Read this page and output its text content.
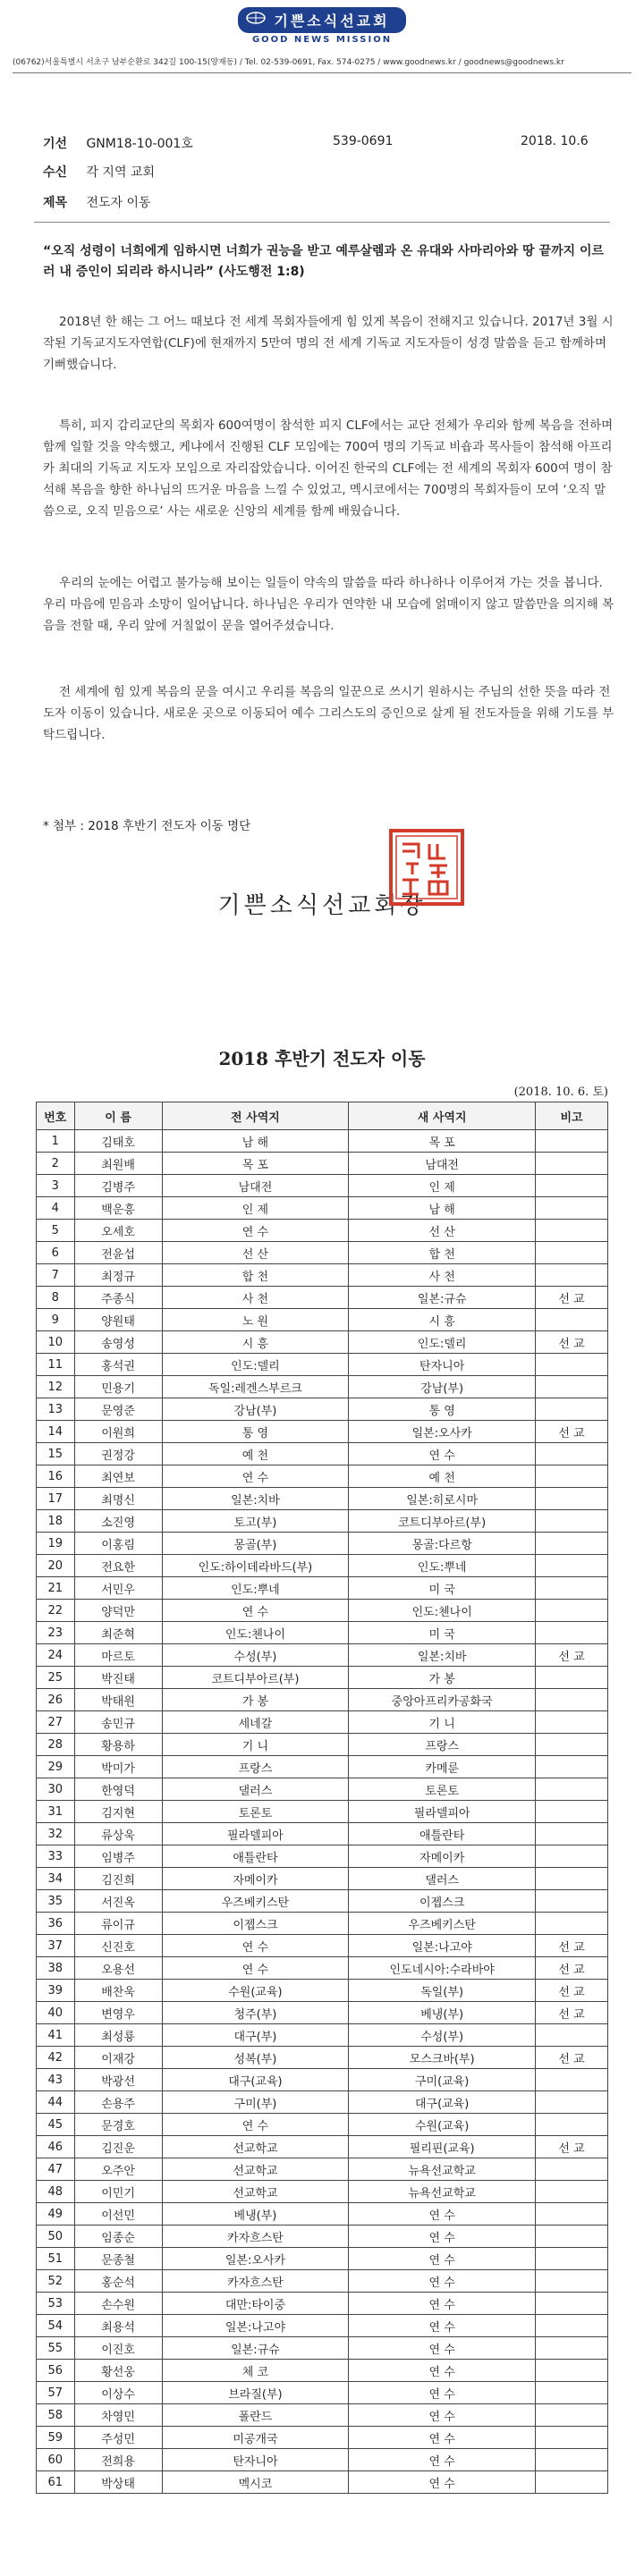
기쁜소식선교회
GOOD NEWS MISSION
(06762)서울특별시 서초구 남부순환로 342길 100-15(양재동) / Tel. 02-539-0691, Fax. 574-0275 / www.goodnews.kr / goodnews@goodnews.kr
기선 GNM18-10-001호	539-0691	2018. 10.6
수신 각 지역 교회
제목 전도자 이동
“오직 성령이 너희에게 임하시면 너희가 권능을 받고 예루살렘과 온 유대와 사마리아와 땅 끝까지 이르러 내 증인이 되리라 하시니라” (사도행전 1:8)
2018년 한 해는 그 어느 때보다 전 세계 목회자들에게 힘 있게 복음이 전해지고 있습니다. 2017년 3월 시작된 기독교지도자연합(CLF)에 현재까지 5만여 명의 전 세계 기독교 지도자들이 성경 말씀을 듣고 함께하며 기뻐했습니다.
특히, 피지 감리교단의 목회자 600여명이 참석한 피지 CLF에서는 교단 전체가 우리와 함께 복음을 전하며 함께 일할 것을 약속했고, 케냐에서 진행된 CLF 모임에는 700여 명의 기독교 비숍과 목사들이 참석해 아프리카 최대의 기독교 지도자 모임으로 자리잡았습니다. 이어진 한국의 CLF에는 전 세계의 목회자 600여 명이 참석해 복음을 향한 하나님의 뜨거운 마음을 느낄 수 있었고, 멕시코에서는 700명의 목회자들이 모여 ‘오직 말씀으로, 오직 믿음으로’ 사는 새로운 신앙의 세계를 함께 배웠습니다.
우리의 눈에는 어렵고 불가능해 보이는 일들이 약속의 말씀을 따라 하나하나 이루어져 가는 것을 봅니다. 우리 마음에 믿음과 소망이 일어납니다. 하나님은 우리가 연약한 내 모습에 얽매이지 않고 말씀만을 의지해 복음을 전할 때, 우리 앞에 거칠없이 문을 열어주셨습니다.
전 세계에 힘 있게 복음의 문을 여시고 우리를 복음의 일꾼으로 쓰시기 원하시는 주님의 선한 뜻을 따라 전도자 이동이 있습니다. 새로운 곳으로 이동되어 예수 그리스도의 증인으로 살게 될 전도자들을 위해 기도를 부탁드립니다.
* 첨부 : 2018 후반기 전도자 이동 명단
기쁜소식선교회장
2018 후반기 전도자 이동
(2018. 10. 6. 토)
번호	이 름	전 사역지	새 사역지	비고
1	김태호	남 해	목 포	
2	최원배	목 포	남대전	
3	김병주	남대전	인 제	
4	백운흥	인 제	남 해	
5	오세호	연 수	선 산	
6	전윤섭	선 산	합 천	
7	최정규	합 천	사 천	
8	주종식	사 천	일본:규슈	선 교
9	양원태	노 원	시 흥	
10	송영성	시 흥	인도:델리	선 교
11	홍석권	인도:델리	탄자니아	
12	민용기	독일:레겐스부르크	강남(부)	
13	문영준	강남(부)	통 영	
14	이원희	통 영	일본:오사카	선 교
15	권정강	예 천	연 수	
16	최연보	연 수	예 천	
17	최명신	일본:치바	일본:히로시마	
18	소진영	토고(부)	코트디부아르(부)	
19	이홍림	몽골(부)	몽골:다르항	
20	전요한	인도:하이데라바드(부)	인도:뿌네	
21	서민우	인도:뿌네	미 국	
22	양덕만	연 수	인도:첸나이	
23	최준혁	인도:첸나이	미 국	
24	마르토	수성(부)	일본:치바	선 교
25	박진태	코트디부아르(부)	가 봉	
26	박태원	가 봉	중앙아프리카공화국	
27	송민규	세네갈	기 니	
28	황용하	기 니	프랑스	
29	박미가	프랑스	카메룬	
30	한영덕	댈러스	토론토	
31	김지현	토론토	필라델피아	
32	류상욱	필라델피아	애틀란타	
33	임병주	애틀란타	자메이카	
34	김진희	자메이카	댈러스	
35	서진옥	우즈베키스탄	이젭스크	
36	류이규	이젭스크	우즈베키스탄	
37	신진호	연 수	일본:나고야	선 교
38	오용선	연 수	인도네시아:수라바야	선 교
39	배찬욱	수원(교육)	독일(부)	선 교
40	변영우	청주(부)	베냉(부)	선 교
41	최성룡	대구(부)	수성(부)	
42	이재강	성복(부)	모스크바(부)	선 교
43	박광선	대구(교육)	구미(교육)	
44	손용주	구미(부)	대구(교육)	
45	문경호	연 수	수원(교육)	
46	김진운	선교학교	필리핀(교육)	선 교
47	오주안	선교학교	뉴욕선교학교	
48	이민기	선교학교	뉴욕선교학교	
49	이선민	베냉(부)	연 수	
50	임종순	카자흐스탄	연 수	
51	문종철	일본:오사카	연 수	
52	홍순석	카자흐스탄	연 수	
53	손수원	대만:타이중	연 수	
54	최용석	일본:나고야	연 수	
55	이진호	일본:규슈	연 수	
56	황선웅	체 코	연 수	
57	이상수	브라질(부)	연 수	
58	차영민	폴란드	연 수	
59	주성민	미공개국	연 수	
60	전희용	탄자니아	연 수	
61	박상태	멕시코	연 수	
